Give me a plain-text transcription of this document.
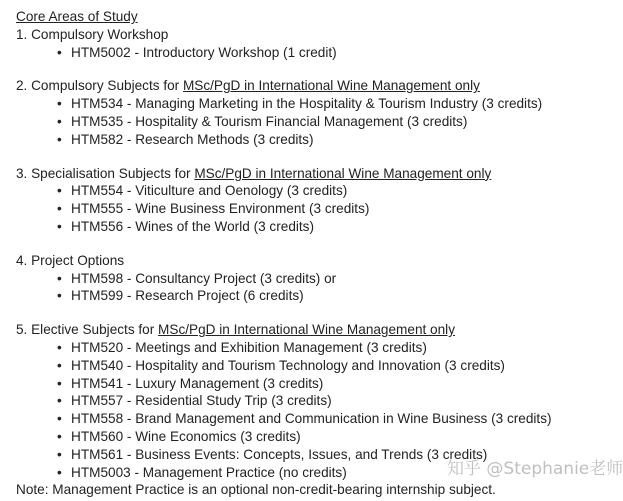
Core Areas of Study

1. Compulsory Workshop

• HTM5002 - Introductory Workshop (1 credit)

2. Compulsory Subjects for MSc/PgD in International Wine Management only

• HTM534 - Managing Marketing in the Hospitality & Tourism Industry (3 credits)
• HTM535 - Hospitality & Tourism Financial Management (3 credits)
• HTM582 - Research Methods (3 credits)

3. Specialisation Subjects for MSc/PgD in International Wine Management only

• HTM554 - Viticulture and Oenology (3 credits)
• HTM555 - Wine Business Environment (3 credits)
• HTM556 - Wines of the World (3 credits)

4. Project Options

• HTM598 - Consultancy Project (3 credits) or
• HTM599 - Research Project (6 credits)

5. Elective Subjects for MSc/PgD in International Wine Management only

• HTM520 - Meetings and Exhibition Management (3 credits)
• HTM540 - Hospitality and Tourism Technology and Innovation (3 credits)
• HTM541 - Luxury Management (3 credits)
• HTM557 - Residential Study Trip (3 credits)
• HTM558 - Brand Management and Communication in Wine Business (3 credits)
• HTM560 - Wine Economics (3 credits)
• HTM561 - Business Events: Concepts, Issues, and Trends (3 credits)
• HTM5003 - Management Practice (no credits)	知乎 @Stephanie老师

Note: Management Practice is an optional non-credit-bearing internship subject.
